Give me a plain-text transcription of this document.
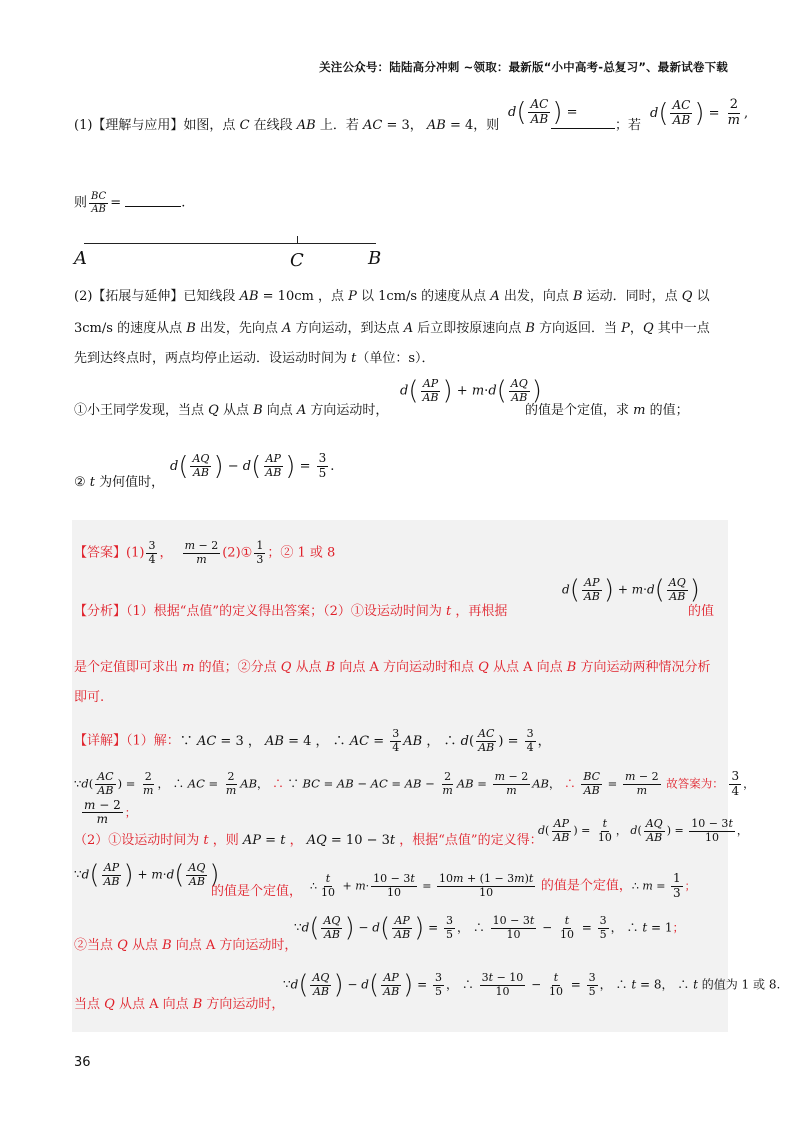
关注公众号：陆陆高分冲刺 ~领取：最新版“小中高考-总复习”、最新试卷下载
(1)【理解与应用】如图，点 C 在线段 AB 上．若 AC = 3， AB = 4，则
$d( \frac{AC}{AB}$ ) =
；若
$d( \frac{AC}{AB}$ ) = $\frac{2}{m}$ ,
则 $\frac{BC}{AB}$ =	.
A	C	B
(2)【拓展与延伸】已知线段 AB = 10cm ，点 P 以 1cm/s 的速度从点 A 出发，向点 B 运动．同时，点 Q 以
3cm/s 的速度从点 B 出发，先向点 A 方向运动，到达点 A 后立即按原速向点 B 方向返回．当 P，Q 其中一点
先到达终点时，两点均停止运动．设运动时间为 t（单位：s）．
①小王同学发现，当点 Q 从点 B 向点 A 方向运动时，
$d( \frac{AP}{AB}$ ) + $m\cdot d( \frac{AQ}{AB}$ )
的值是个定值，求 m 的值；
② t 为何值时，
$d( \frac{AQ}{AB}$ ) − $d( \frac{AP}{AB}$ ) = $\frac{3}{5}$ .
【答案】$(1) \frac{3}{4}$ ， $\frac{m - 2}{m}$ (2)① $\frac{1}{3}$ ；② 1 或 8
【分析】（1）根据“点值”的定义得出答案；（2）①设运动时间为 t ，再根据
$d( \frac{AP}{AB}$ ) + $m\cdot d( \frac{AQ}{AB}$ )
的值
是个定值即可求出 m 的值；②分点 Q 从点 B 向点 A 方向运动时和点 Q 从点 A 向点 B 方向运动两种情况分析
即可.
【详解】（1）解：∵ AC = 3 ， AB = 4 ， ∴ AC = $\frac{3}{4}$ AB ， ∴ $d( \frac{AC}{AB}$ ) = $\frac{3}{4}$ ，
∵d( $\frac{AC}{AB}$ ) = $\frac{2}{m}$ ， ∴ AC = $\frac{2}{m}$ AB， ∴ ∵ BC = AB − AC = AB − $\frac{2}{m}$ AB = $\frac{m - 2}{m}$ AB， ∴ $\frac{BC}{AB} = \frac{m - 2}{m}$ 故答案为： $\frac{3}{4}$ ，
$\frac{m - 2}{m}$ ；
（2）①设运动时间为 t ，则 AP = t ， AQ = 10 − 3t ，根据“点值”的定义得：
$d( \frac{AP}{AB}$ ) = $\frac{t}{10}$ ， $d( \frac{AQ}{AB}$ ) = $\frac{10 - 3t}{10}$ ，
∵d( $\frac{AP}{AB}$ ) + $m\cdot d( \frac{AQ}{AB}$ )
的值是个定值， ∴ $\frac{t}{10} + m\cdot \frac{10 - 3t}{10} = \frac{10m + (1 - 3m)t}{10}$ 的值是个定值，∴ $m = \frac{1}{3}$ ；
②当点 Q 从点 B 向点 A 方向运动时，
∵d( $\frac{AQ}{AB}$ ) − $d( \frac{AP}{AB}$ ) = $\frac{3}{5}$ ， ∴ $\frac{10 - 3t}{10} - \frac{t}{10} = \frac{3}{5}$ ， ∴ t = 1；
当点 Q 从点 A 向点 B 方向运动时，
∵d( $\frac{AQ}{AB}$ ) − $d( \frac{AP}{AB}$ ) = $\frac{3}{5}$ ， ∴ $\frac{3t - 10}{10} - \frac{t}{10} = \frac{3}{5}$ ， ∴ t = 8， ∴ t 的值为 1 或 8.
36
